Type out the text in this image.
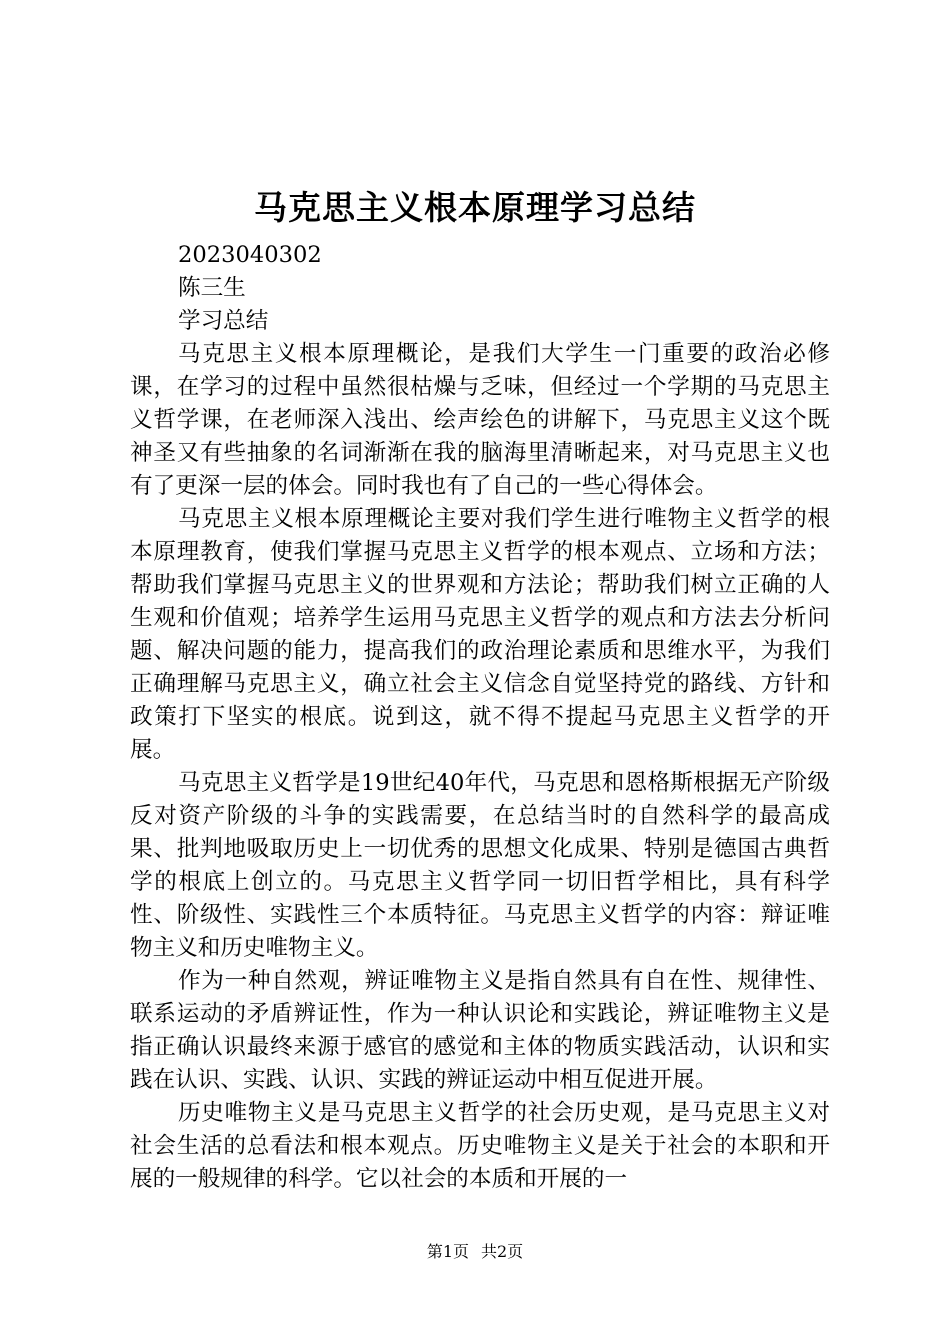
马克思主义根本原理学习总结

2023040302

陈三生

学习总结

马克思主义根本原理概论，是我们大学生一门重要的政治必修课，在学习的过程中虽然很枯燥与乏味，但经过一个学期的马克思主义哲学课，在老师深入浅出、绘声绘色的讲解下，马克思主义这个既神圣又有些抽象的名词渐渐在我的脑海里清晰起来，对马克思主义也有了更深一层的体会。同时我也有了自己的一些心得体会。

马克思主义根本原理概论主要对我们学生进行唯物主义哲学的根本原理教育，使我们掌握马克思主义哲学的根本观点、立场和方法；帮助我们掌握马克思主义的世界观和方法论；帮助我们树立正确的人生观和价值观；培养学生运用马克思主义哲学的观点和方法去分析问题、解决问题的能力，提高我们的政治理论素质和思维水平，为我们正确理解马克思主义，确立社会主义信念自觉坚持党的路线、方针和政策打下坚实的根底。说到这，就不得不提起马克思主义哲学的开展。

马克思主义哲学是19世纪40年代，马克思和恩格斯根据无产阶级反对资产阶级的斗争的实践需要，在总结当时的自然科学的最高成果、批判地吸取历史上一切优秀的思想文化成果、特别是德国古典哲学的根底上创立的。马克思主义哲学同一切旧哲学相比，具有科学性、阶级性、实践性三个本质特征。马克思主义哲学的内容：辩证唯物主义和历史唯物主义。

作为一种自然观，辨证唯物主义是指自然具有自在性、规律性、联系运动的矛盾辨证性，作为一种认识论和实践论，辨证唯物主义是指正确认识最终来源于感官的感觉和主体的物质实践活动，认识和实践在认识、实践、认识、实践的辨证运动中相互促进开展。

历史唯物主义是马克思主义哲学的社会历史观，是马克思主义对社会生活的总看法和根本观点。历史唯物主义是关于社会的本职和开展的一般规律的科学。它以社会的本质和开展的一

第1页 共2页
